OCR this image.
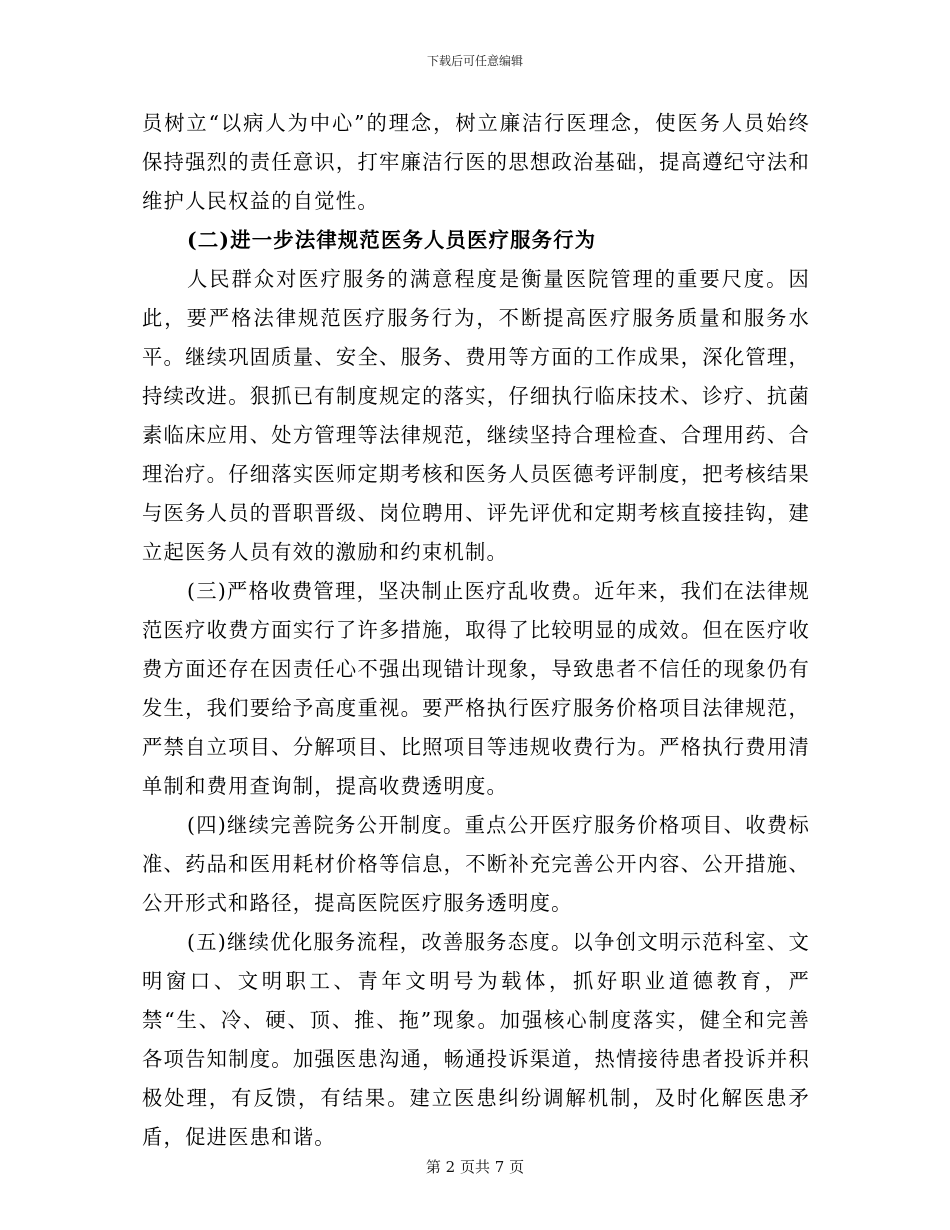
下载后可任意编辑

员树立“以病人为中心”的理念，树立廉洁行医理念，使医务人员始终保持强烈的责任意识，打牢廉洁行医的思想政治基础，提高遵纪守法和维护人民权益的自觉性。

(二)进一步法律规范医务人员医疗服务行为

人民群众对医疗服务的满意程度是衡量医院管理的重要尺度。因此，要严格法律规范医疗服务行为，不断提高医疗服务质量和服务水平。继续巩固质量、安全、服务、费用等方面的工作成果，深化管理，持续改进。狠抓已有制度规定的落实，仔细执行临床技术、诊疗、抗菌素临床应用、处方管理等法律规范，继续坚持合理检查、合理用药、合理治疗。仔细落实医师定期考核和医务人员医德考评制度，把考核结果与医务人员的晋职晋级、岗位聘用、评先评优和定期考核直接挂钩，建立起医务人员有效的激励和约束机制。

(三)严格收费管理，坚决制止医疗乱收费。近年来，我们在法律规范医疗收费方面实行了许多措施，取得了比较明显的成效。但在医疗收费方面还存在因责任心不强出现错计现象，导致患者不信任的现象仍有发生，我们要给予高度重视。要严格执行医疗服务价格项目法律规范，严禁自立项目、分解项目、比照项目等违规收费行为。严格执行费用清单制和费用查询制，提高收费透明度。

(四)继续完善院务公开制度。重点公开医疗服务价格项目、收费标准、药品和医用耗材价格等信息，不断补充完善公开内容、公开措施、公开形式和路径，提高医院医疗服务透明度。

(五)继续优化服务流程，改善服务态度。以争创文明示范科室、文明窗口、文明职工、青年文明号为载体，抓好职业道德教育，严禁“生、冷、硬、顶、推、拖”现象。加强核心制度落实，健全和完善各项告知制度。加强医患沟通，畅通投诉渠道，热情接待患者投诉并积极处理，有反馈，有结果。建立医患纠纷调解机制，及时化解医患矛盾，促进医患和谐。

第 2 页共 7 页
